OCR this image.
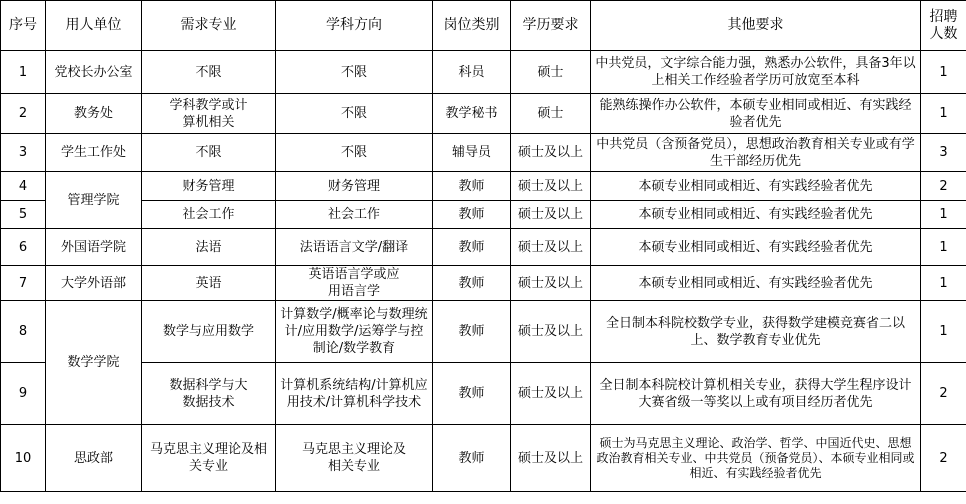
序号	用人单位	需求专业	学科方向	岗位类别	学历要求	其他要求	招聘人数
1	党校长办公室	不限	不限	科员	硕士	中共党员，文字综合能力强，熟悉办公软件，具备3年以上相关工作经验者学历可放宽至本科	1
2	教务处	学科教学或计算机相关	不限	教学秘书	硕士	能熟练操作办公软件，本硕专业相同或相近、有实践经验者优先	1
3	学生工作处	不限	不限	辅导员	硕士及以上	中共党员（含预备党员），思想政治教育相关专业或有学生干部经历优先	3
4	管理学院	财务管理	财务管理	教师	硕士及以上	本硕专业相同或相近、有实践经验者优先	2
5		社会工作	社会工作	教师	硕士及以上	本硕专业相同或相近、有实践经验者优先	1
6	外国语学院	法语	法语语言文学/翻译	教师	硕士及以上	本硕专业相同或相近、有实践经验者优先	1
7	大学外语部	英语	英语语言学或应用语言学	教师	硕士及以上	本硕专业相同或相近、有实践经验者优先	1
8	数学学院	数学与应用数学	计算数学/概率论与数理统计/应用数学/运筹学与控制论/数学教育	教师	硕士及以上	全日制本科院校数学专业，获得数学建模竞赛省二以上、数学教育专业优先	1
9		数据科学与大数据技术	计算机系统结构/计算机应用技术/计算机科学技术	教师	硕士及以上	全日制本科院校计算机相关专业，获得大学生程序设计大赛省级一等奖以上或有项目经历者优先	2
10	思政部	马克思主义理论及相关专业	马克思主义理论及相关专业	教师	硕士及以上	硕士为马克思主义理论、政治学、哲学、中国近代史、思想政治教育相关专业、中共党员（预备党员）、本硕专业相同或相近、有实践经验者优先	2
